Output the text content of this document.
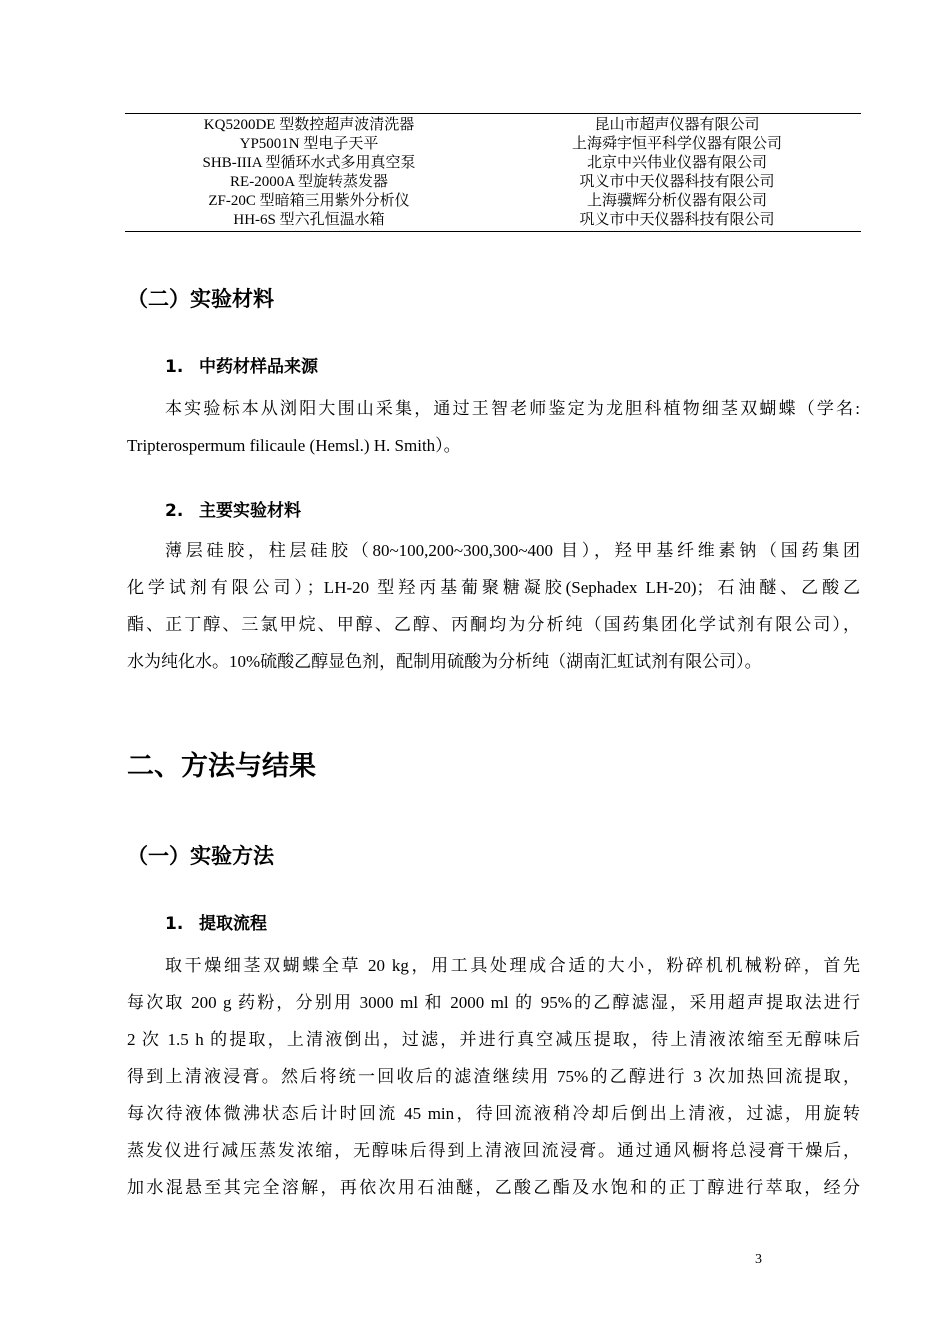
KQ5200DE 型数控超声波清洗器
YP5001N 型电子天平
SHB-IIIA 型循环水式多用真空泵
RE-2000A 型旋转蒸发器
ZF-20C 型暗箱三用紫外分析仪
HH-6S 型六孔恒温水箱
昆山市超声仪器有限公司
上海舜宇恒平科学仪器有限公司
北京中兴伟业仪器有限公司
巩义市中天仪器科技有限公司
上海骥辉分析仪器有限公司
巩义市中天仪器科技有限公司
（二）实验材料
1. 中药材样品来源
本实验标本从浏阳大围山采集，通过王智老师鉴定为龙胆科植物细茎双蝴蝶（学名:
Tripterospermum filicaule (Hemsl.) H. Smith）。
2. 主要实验材料
薄层硅胶，柱层硅胶（80~100,200~300,300~400 目），羟甲基纤维素钠（国药集团
化学试剂有限公司）；LH-20 型羟丙基葡聚糖凝胶(Sephadex LH-20)；石油醚、乙酸乙
酯、正丁醇、三氯甲烷、甲醇、乙醇、丙酮均为分析纯（国药集团化学试剂有限公司），
水为纯化水。10%硫酸乙醇显色剂，配制用硫酸为分析纯（湖南汇虹试剂有限公司）。
二、方法与结果
（一）实验方法
1. 提取流程
取干燥细茎双蝴蝶全草 20 kg，用工具处理成合适的大小，粉碎机机械粉碎，首先
每次取 200 g 药粉，分别用 3000 ml 和 2000 ml 的 95%的乙醇滤湿，采用超声提取法进行
2 次 1.5 h 的提取，上清液倒出，过滤，并进行真空减压提取，待上清液浓缩至无醇味后
得到上清液浸膏。然后将统一回收后的滤渣继续用 75%的乙醇进行 3 次加热回流提取，
每次待液体微沸状态后计时回流 45 min，待回流液稍冷却后倒出上清液，过滤，用旋转
蒸发仪进行减压蒸发浓缩，无醇味后得到上清液回流浸膏。通过通风橱将总浸膏干燥后，
加水混悬至其完全溶解，再依次用石油醚，乙酸乙酯及水饱和的正丁醇进行萃取，经分
3
